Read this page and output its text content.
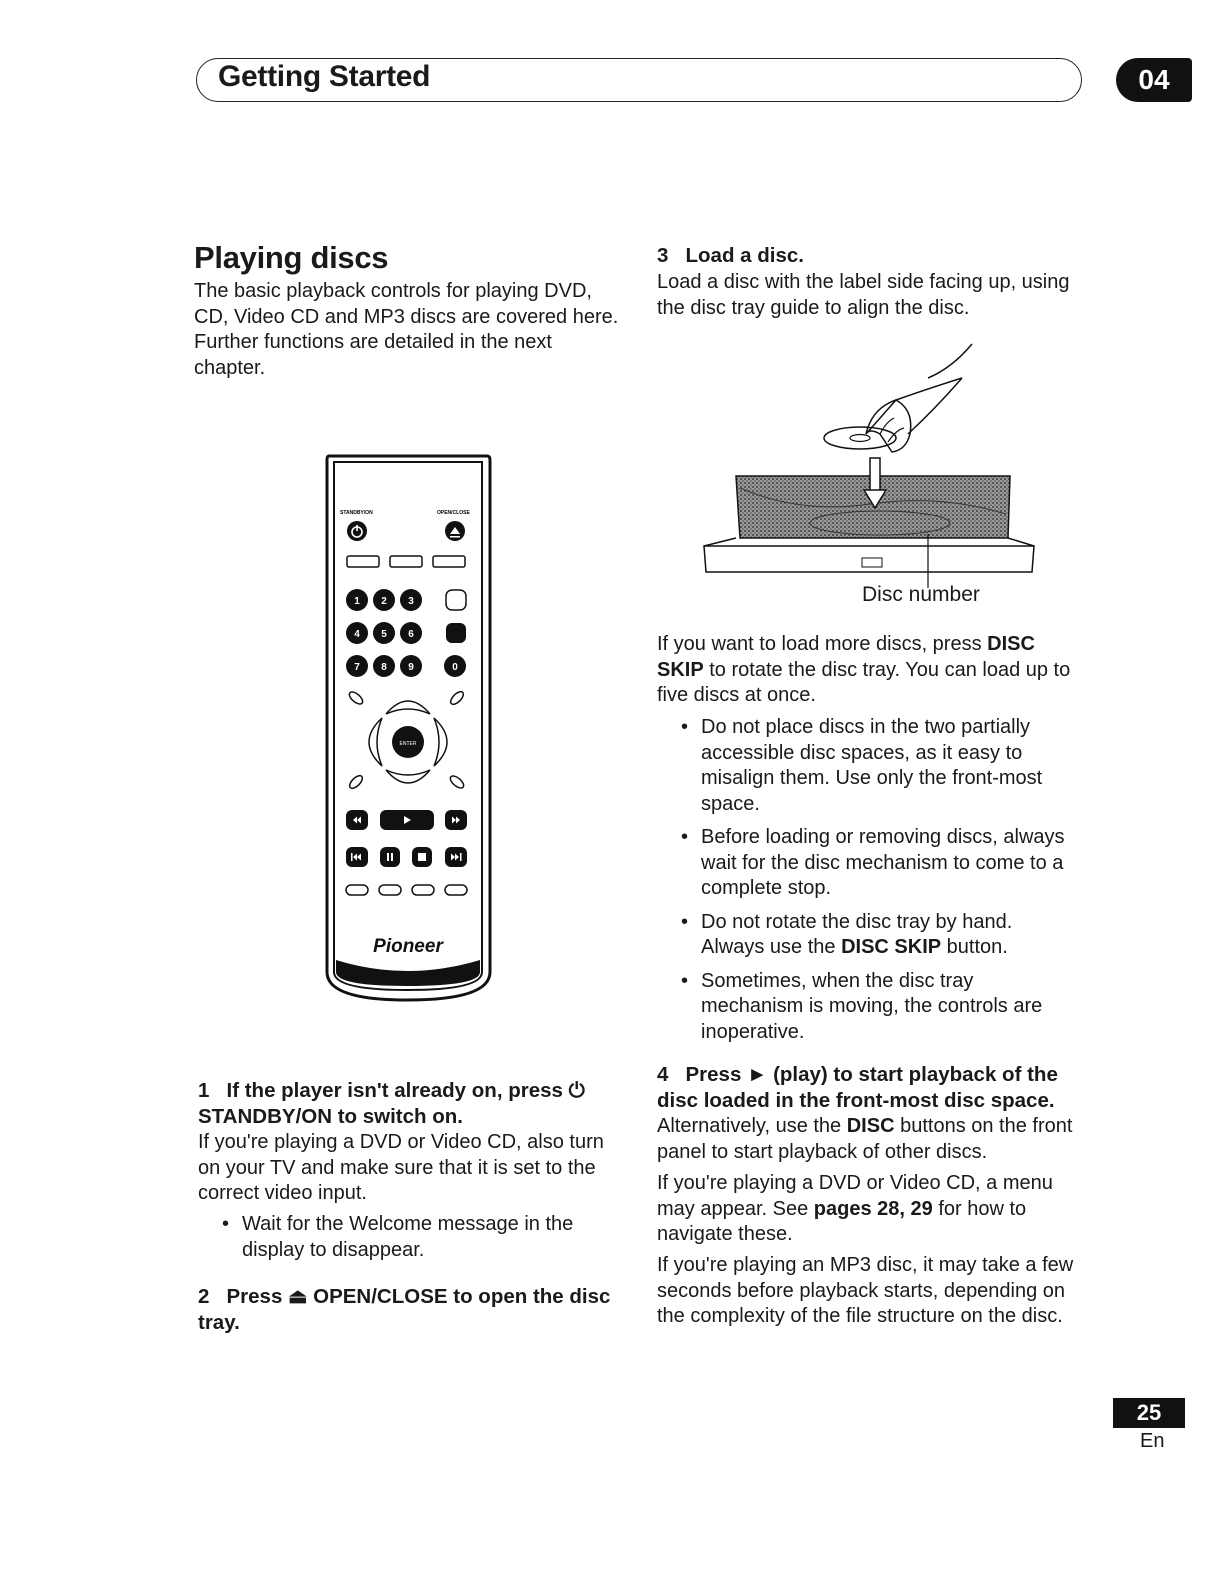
Getting Started	04
Playing discs
The basic playback controls for playing DVD, CD, Video CD and MP3 discs are covered here. Further functions are detailed in the next chapter.
STANDBY/ON	OPEN/CLOSE
1 2 3
4 5 6
7 8 9	0
ENTER
Pioneer
1 If the player isn't already on, press ⏻
STANDBY/ON to switch on.
If you're playing a DVD or Video CD, also turn on your TV and make sure that it is set to the correct video input.
• Wait for the Welcome message in the display to disappear.
2 Press ⏏ OPEN/CLOSE to open the disc tray.
3 Load a disc.
Load a disc with the label side facing up, using the disc tray guide to align the disc.
Disc number
If you want to load more discs, press DISC SKIP to rotate the disc tray. You can load up to five discs at once.
• Do not place discs in the two partially accessible disc spaces, as it easy to misalign them. Use only the front-most space.
• Before loading or removing discs, always wait for the disc mechanism to come to a complete stop.
• Do not rotate the disc tray by hand. Always use the DISC SKIP button.
• Sometimes, when the disc tray mechanism is moving, the controls are inoperative.
4 Press ► (play) to start playback of the disc loaded in the front-most disc space.
Alternatively, use the DISC buttons on the front panel to start playback of other discs.
If you're playing a DVD or Video CD, a menu may appear. See pages 28, 29 for how to navigate these.
If you're playing an MP3 disc, it may take a few seconds before playback starts, depending on the complexity of the file structure on the disc.
25
En
